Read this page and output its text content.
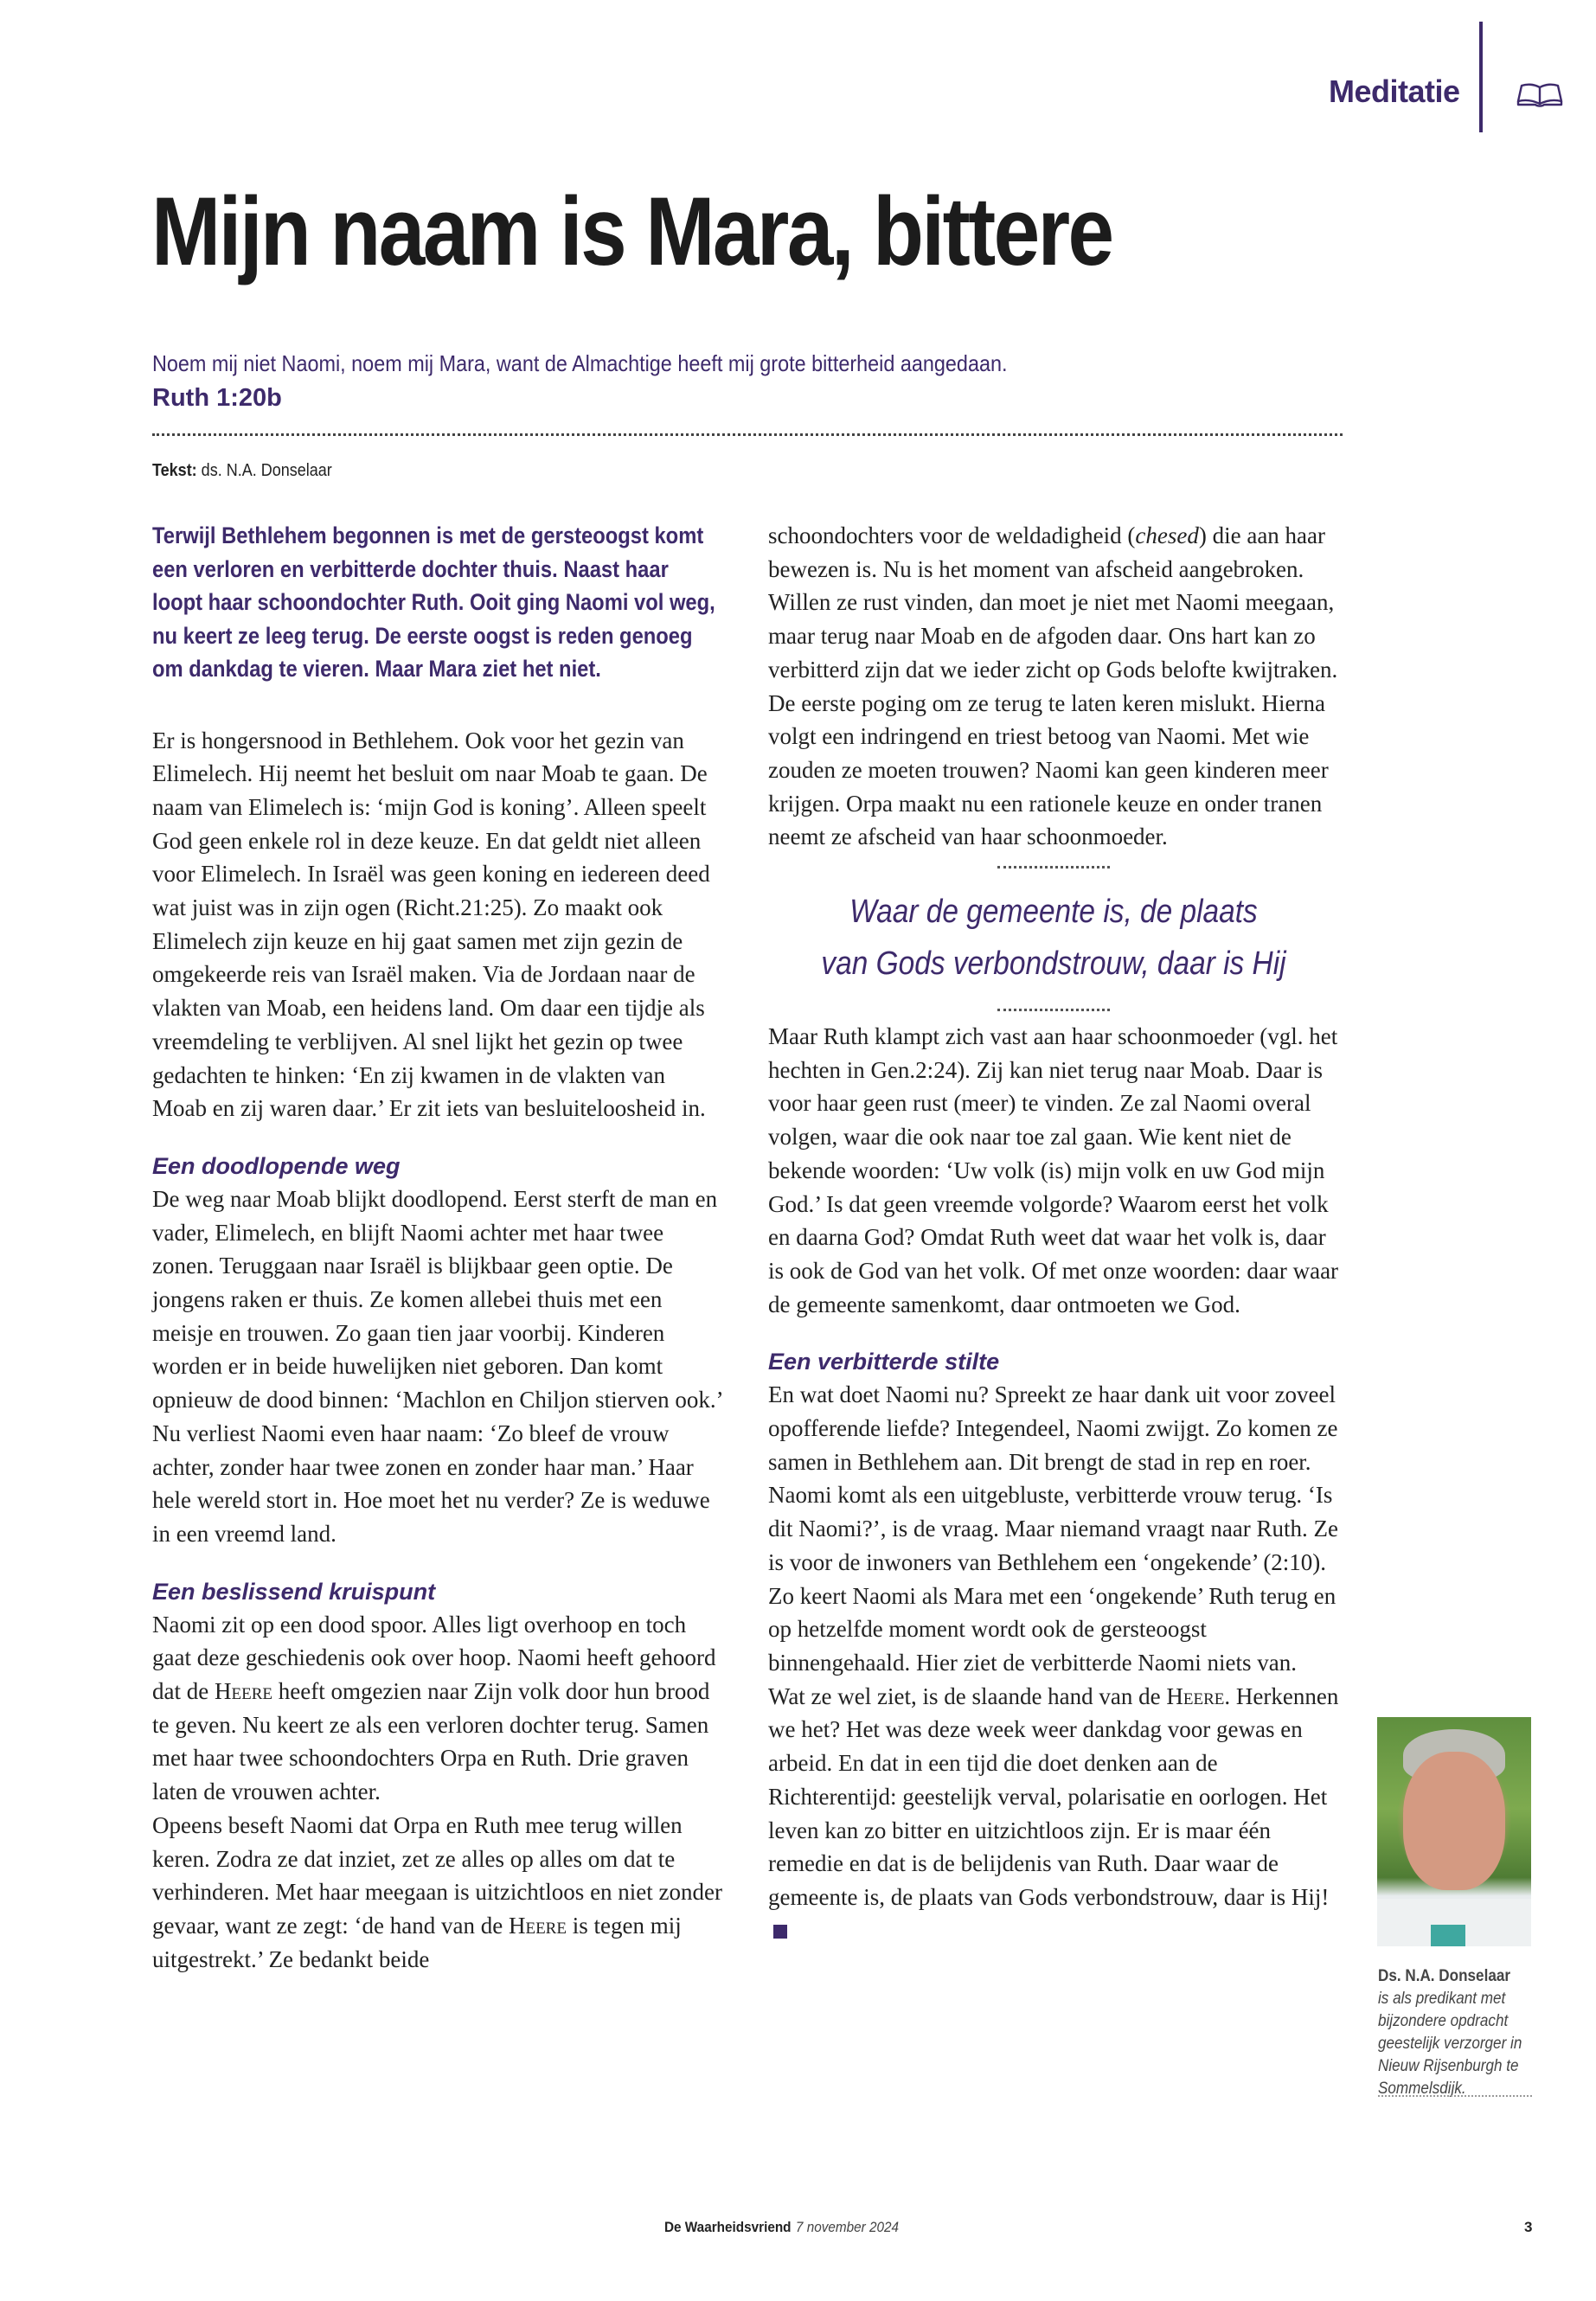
Meditatie
Mijn naam is Mara, bittere
Noem mij niet Naomi, noem mij Mara, want de Almachtige heeft mij grote bitterheid aangedaan.
Ruth 1:20b
Tekst: ds. N.A. Donselaar

Terwijl Bethlehem begonnen is met de gersteoogst komt een verloren en verbitterde dochter thuis. Naast haar loopt haar schoondochter Ruth. Ooit ging Naomi vol weg, nu keert ze leeg terug. De eerste oogst is reden genoeg om dankdag te vieren. Maar Mara ziet het niet.

Er is hongersnood in Bethlehem. Ook voor het gezin van Elimelech. Hij neemt het besluit om naar Moab te gaan. De naam van Elimelech is: ‘mijn God is koning’. Alleen speelt God geen enkele rol in deze keuze. En dat geldt niet alleen voor Elimelech. In Israël was geen koning en iedereen deed wat juist was in zijn ogen (Richt.21:25). Zo maakt ook Elimelech zijn keuze en hij gaat samen met zijn gezin de omgekeerde reis van Israël maken. Via de Jordaan naar de vlakten van Moab, een heidens land. Om daar een tijdje als vreemdeling te verblijven. Al snel lijkt het gezin op twee gedachten te hinken: ‘En zij kwamen in de vlakten van Moab en zij waren daar.’ Er zit iets van besluiteloosheid in.

Een doodlopende weg

De weg naar Moab blijkt doodlopend. Eerst sterft de man en vader, Elimelech, en blijft Naomi achter met haar twee zonen. Teruggaan naar Israël is blijkbaar geen optie. De jongens raken er thuis. Ze komen allebei thuis met een meisje en trouwen. Zo gaan tien jaar voorbij. Kinderen worden er in beide huwelijken niet geboren. Dan komt opnieuw de dood binnen: ‘Machlon en Chiljon stierven ook.’ Nu verliest Naomi even haar naam: ‘Zo bleef de vrouw achter, zonder haar twee zonen en zonder haar man.’ Haar hele wereld stort in. Hoe moet het nu verder? Ze is weduwe in een vreemd land.

Een beslissend kruispunt

Naomi zit op een dood spoor. Alles ligt overhoop en toch gaat deze geschiedenis ook over hoop. Naomi heeft gehoord dat de Heere heeft omgezien naar Zijn volk door hun brood te geven. Nu keert ze als een verloren dochter terug. Samen met haar twee schoondochters Orpa en Ruth. Drie graven laten de vrouwen achter.

Opeens beseft Naomi dat Orpa en Ruth mee terug willen keren. Zodra ze dat inziet, zet ze alles op alles om dat te verhinderen. Met haar meegaan is uitzichtloos en niet zonder gevaar, want ze zegt: ‘de hand van de Heere is tegen mij uitgestrekt.’ Ze bedankt beide

schoondochters voor de weldadigheid (chesed) die aan haar bewezen is. Nu is het moment van afscheid aangebroken. Willen ze rust vinden, dan moet je niet met Naomi meegaan, maar terug naar Moab en de afgoden daar. Ons hart kan zo verbitterd zijn dat we ieder zicht op Gods belofte kwijtraken.

De eerste poging om ze terug te laten keren mislukt. Hierna volgt een indringend en triest betoog van Naomi. Met wie zouden ze moeten trouwen? Naomi kan geen kinderen meer krijgen. Orpa maakt nu een rationele keuze en onder tranen neemt ze afscheid van haar schoonmoeder.

Waar de gemeente is, de plaats
van Gods verbondstrouw, daar is Hij

Maar Ruth klampt zich vast aan haar schoonmoeder (vgl. het hechten in Gen.2:24). Zij kan niet terug naar Moab. Daar is voor haar geen rust (meer) te vinden. Ze zal Naomi overal volgen, waar die ook naar toe zal gaan. Wie kent niet de bekende woorden: ‘Uw volk (is) mijn volk en uw God mijn God.’ Is dat geen vreemde volgorde? Waarom eerst het volk en daarna God? Omdat Ruth weet dat waar het volk is, daar is ook de God van het volk. Of met onze woorden: daar waar de gemeente samenkomt, daar ontmoeten we God.

Een verbitterde stilte

En wat doet Naomi nu? Spreekt ze haar dank uit voor zoveel opofferende liefde? Integendeel, Naomi zwijgt. Zo komen ze samen in Bethlehem aan. Dit brengt de stad in rep en roer. Naomi komt als een uitgebluste, verbitterde vrouw terug. ‘Is dit Naomi?’, is de vraag. Maar niemand vraagt naar Ruth. Ze is voor de inwoners van Bethlehem een ‘ongekende’ (2:10).

Zo keert Naomi als Mara met een ‘ongekende’ Ruth terug en op hetzelfde moment wordt ook de gersteoogst binnengehaald. Hier ziet de verbitterde Naomi niets van. Wat ze wel ziet, is de slaande hand van de Heere. Herkennen we het? Het was deze week weer dankdag voor gewas en arbeid. En dat in een tijd die doet denken aan de Richterentijd: geestelijk verval, polarisatie en oorlogen. Het leven kan zo bitter en uitzichtloos zijn. Er is maar één remedie en dat is de belijdenis van Ruth. Daar waar de gemeente is, de plaats van Gods verbondstrouw, daar is Hij!

Ds. N.A. Donselaar
is als predikant met bijzondere opdracht geestelijk verzorger in Nieuw Rijsenburgh te Sommelsdijk.
De Waarheidsvriend 7 november 2024	3
